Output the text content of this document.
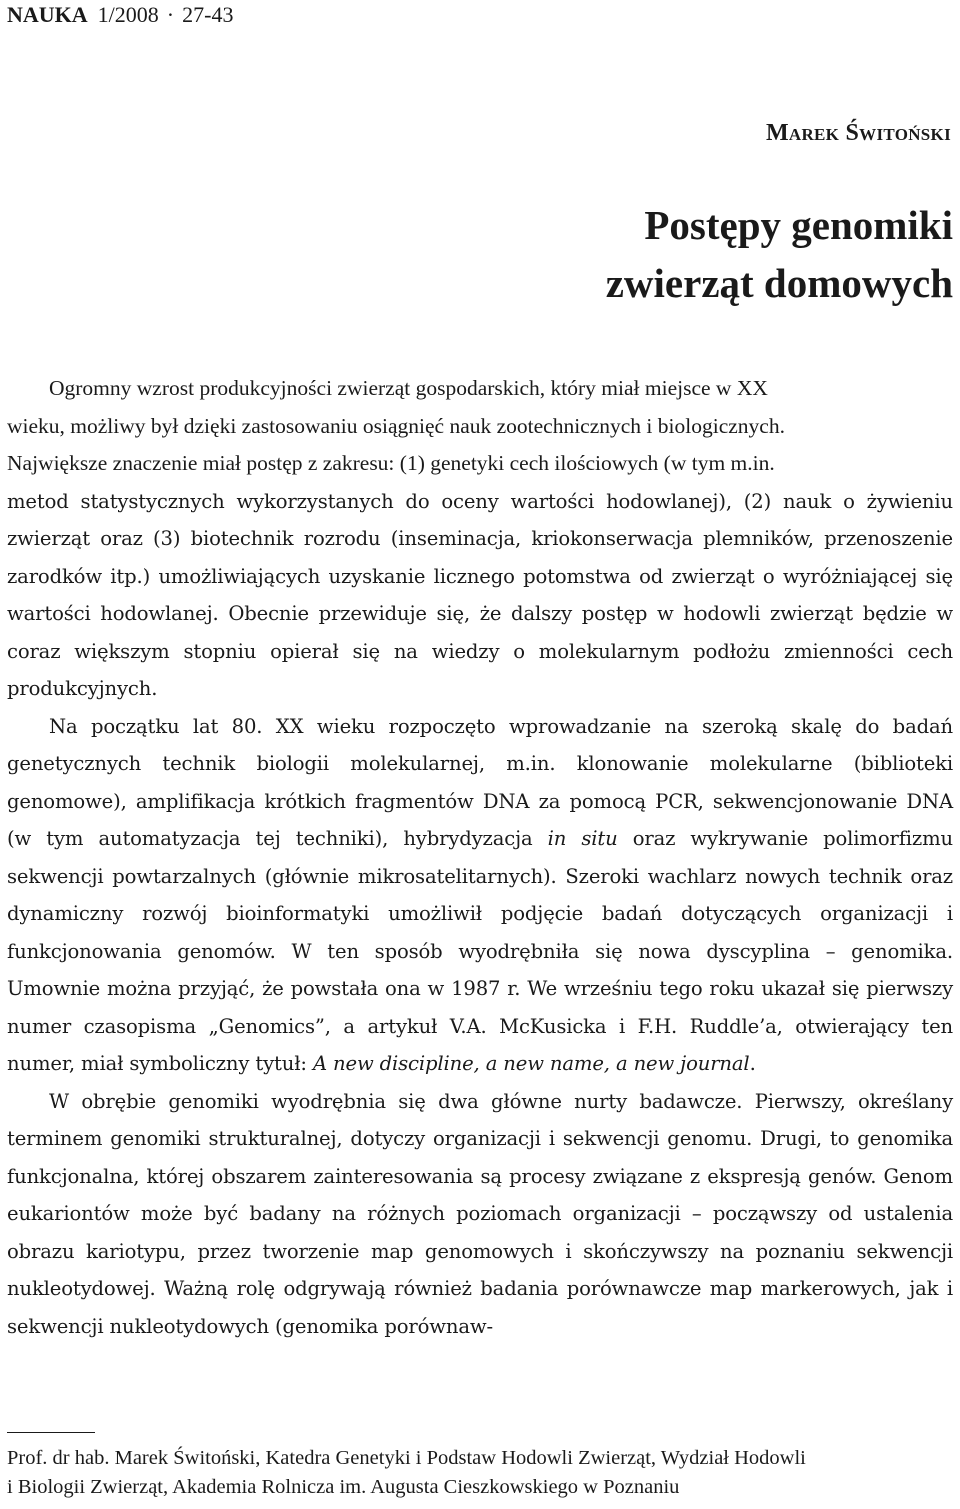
NAUKA 1/2008 · 27-43
Marek Świtoński
Postępy genomiki
zwierząt domowych

Ogromny wzrost produkcyjności zwierząt gospodarskich, który miał miejsce w XX
wieku, możliwy był dzięki zastosowaniu osiągnięć nauk zootechnicznych i biologicznych.
Największe znaczenie miał postęp z zakresu: (1) genetyki cech ilościowych (w tym m.in.

metod statystycznych wykorzystanych do oceny wartości hodowlanej), (2) nauk o żywieniu zwierząt oraz (3) biotechnik rozrodu (inseminacja, kriokonserwacja plemników, przenoszenie zarodków itp.) umożliwiających uzyskanie licznego potomstwa od zwierząt o wyróżniającej się wartości hodowlanej. Obecnie przewiduje się, że dalszy postęp w hodowli zwierząt będzie w coraz większym stopniu opierał się na wiedzy o molekularnym podłożu zmienności cech produkcyjnych.

Na początku lat 80. XX wieku rozpoczęto wprowadzanie na szeroką skalę do badań genetycznych technik biologii molekularnej, m.in. klonowanie molekularne (biblioteki genomowe), amplifikacja krótkich fragmentów DNA za pomocą PCR, sekwencjonowanie DNA (w tym automatyzacja tej techniki), hybrydyzacja in situ oraz wykrywanie polimorfizmu sekwencji powtarzalnych (głównie mikrosatelitarnych). Szeroki wachlarz nowych technik oraz dynamiczny rozwój bioinformatyki umożliwił podjęcie badań dotyczących organizacji i funkcjonowania genomów. W ten sposób wyodrębniła się nowa dyscyplina – genomika. Umownie można przyjąć, że powstała ona w 1987 r. We wrześniu tego roku ukazał się pierwszy numer czasopisma „Genomics”, a artykuł V.A. McKusicka i F.H. Ruddle’a, otwierający ten numer, miał symboliczny tytuł: A new discipline, a new name, a new journal.

W obrębie genomiki wyodrębnia się dwa główne nurty badawcze. Pierwszy, określany terminem genomiki strukturalnej, dotyczy organizacji i sekwencji genomu. Drugi, to genomika funkcjonalna, której obszarem zainteresowania są procesy związane z ekspresją genów. Genom eukariontów może być badany na różnych poziomach organizacji – począwszy od ustalenia obrazu kariotypu, przez tworzenie map genomowych i skończywszy na poznaniu sekwencji nukleotydowej. Ważną rolę odgrywają również badania porównawcze map markerowych, jak i sekwencji nukleotydowych (genomika porównaw-

Prof. dr hab. Marek Świtoński, Katedra Genetyki i Podstaw Hodowli Zwierząt, Wydział Hodowli
i Biologii Zwierząt, Akademia Rolnicza im. Augusta Cieszkowskiego w Poznaniu
